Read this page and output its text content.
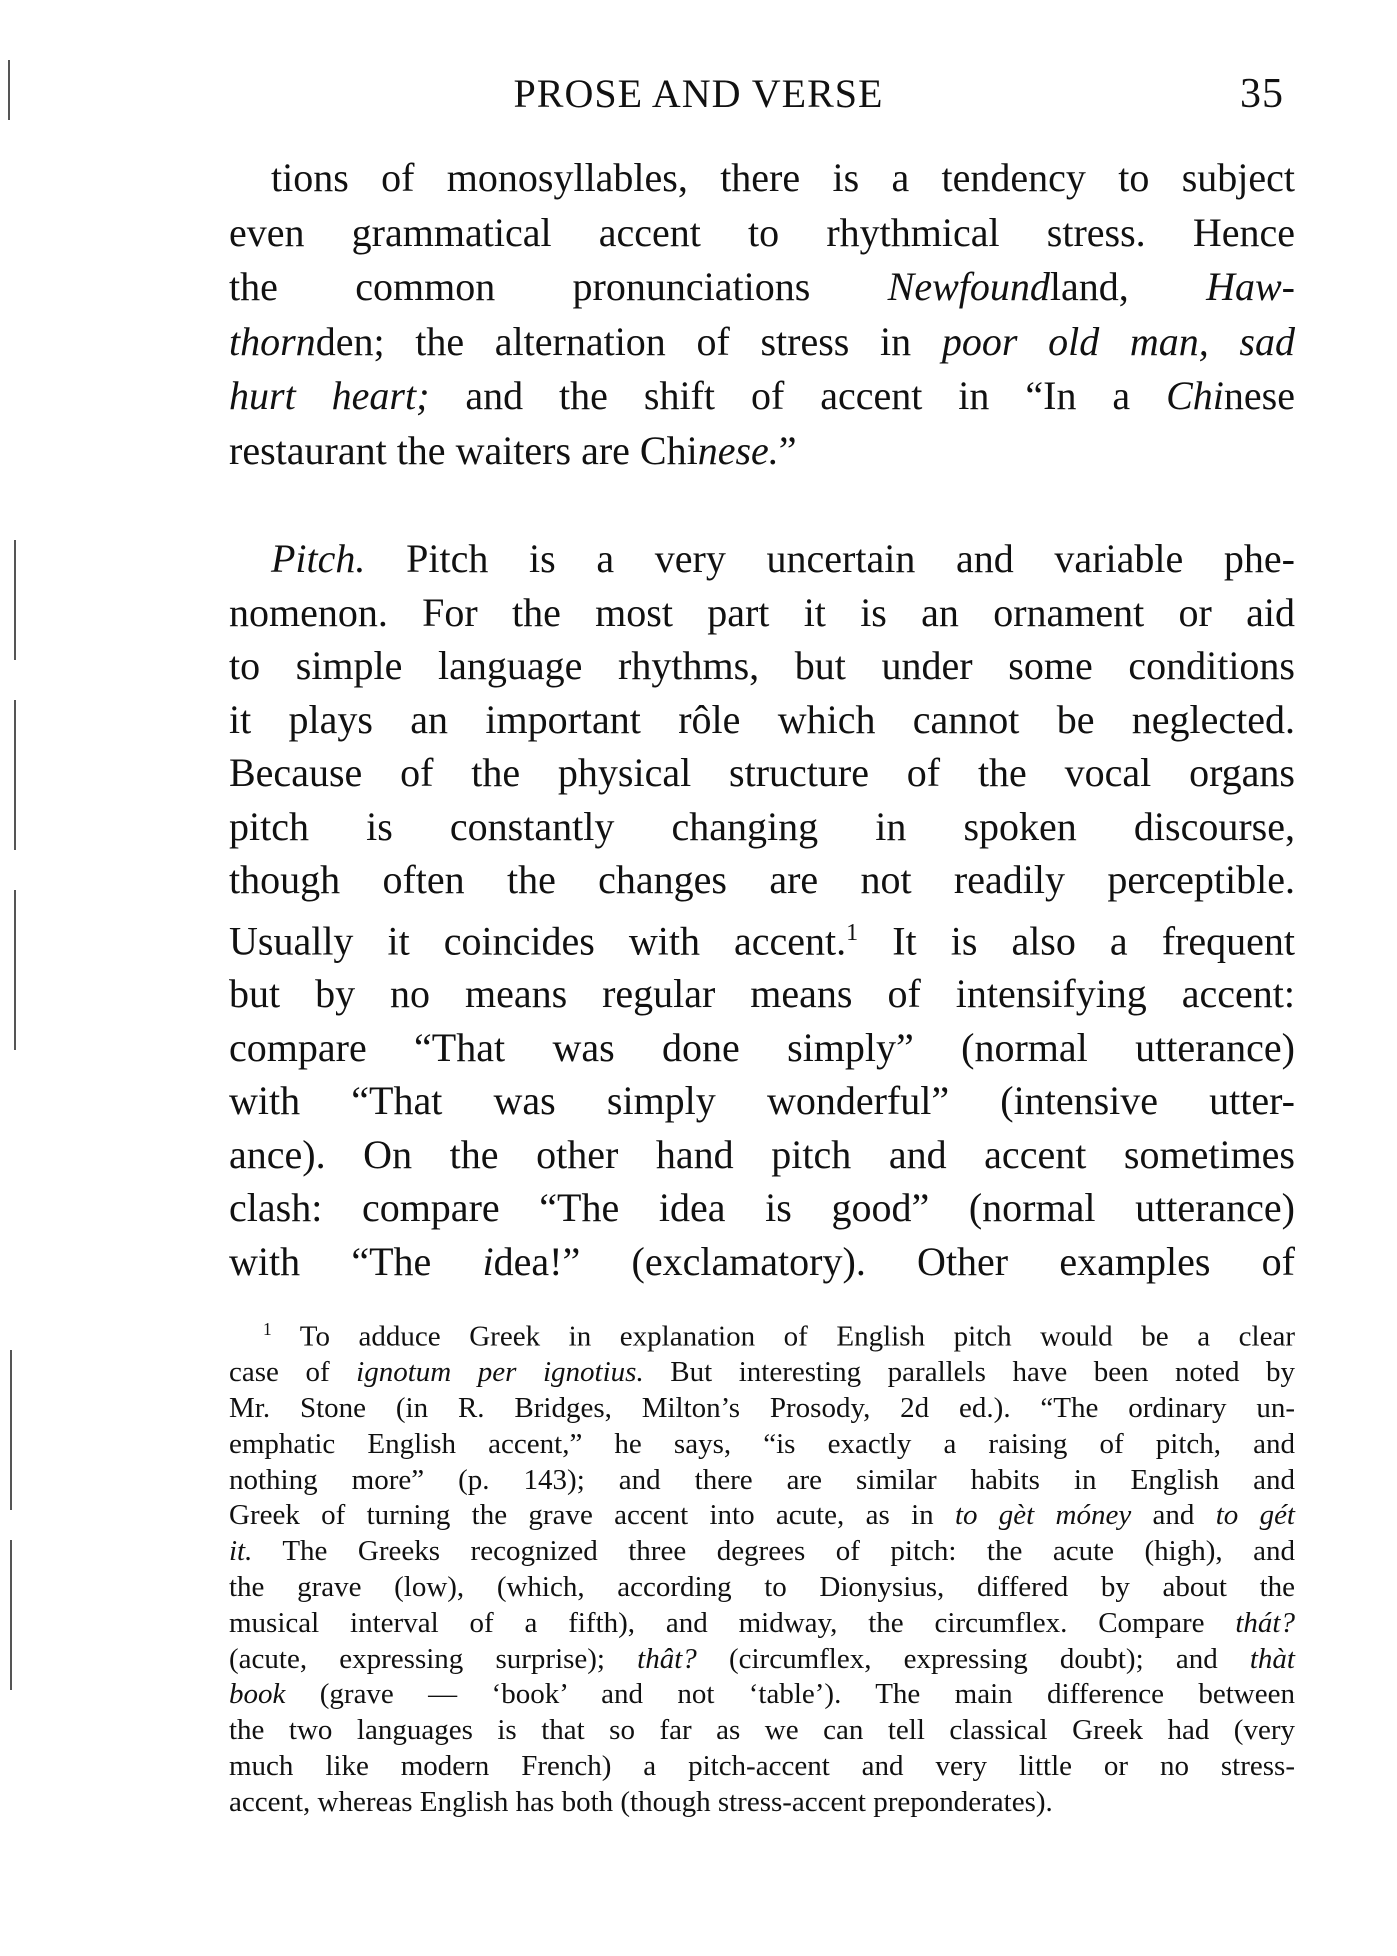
PROSE AND VERSE	35
tions of monosyllables, there is a tendency to subject
even grammatical accent to rhythmical stress. Hence
the common pronunciations Newfoundland, Haw-
thornden; the alternation of stress in poor old man, sad
hurt heart; and the shift of accent in “In a Chinese
restaurant the waiters are Chinese.”
Pitch. Pitch is a very uncertain and variable phe-
nomenon. For the most part it is an ornament or aid
to simple language rhythms, but under some conditions
it plays an important rôle which cannot be neglected.
Because of the physical structure of the vocal organs
pitch is constantly changing in spoken discourse,
though often the changes are not readily perceptible.
Usually it coincides with accent.$^1$ It is also a frequent
but by no means regular means of intensifying accent:
compare “That was done simply” (normal utterance)
with “That was simply wonderful” (intensive utter-
ance). On the other hand pitch and accent sometimes
clash: compare “The idea is good” (normal utterance)
with “The idea!” (exclamatory). Other examples of
$^1$ To adduce Greek in explanation of English pitch would be a clear
case of ignotum per ignotius. But interesting parallels have been noted by
Mr. Stone (in R. Bridges, Milton’s Prosody, 2d ed.). “The ordinary un-
emphatic English accent,” he says, “is exactly a raising of pitch, and
nothing more” (p. 143); and there are similar habits in English and
Greek of turning the grave accent into acute, as in to gèt móney and to gét
it. The Greeks recognized three degrees of pitch: the acute (high), and
the grave (low), (which, according to Dionysius, differed by about the
musical interval of a fifth), and midway, the circumflex. Compare thát?
(acute, expressing surprise); thât? (circumflex, expressing doubt); and thàt
book (grave — ‘book’ and not ‘table’). The main difference between
the two languages is that so far as we can tell classical Greek had (very
much like modern French) a pitch-accent and very little or no stress-
accent, whereas English has both (though stress-accent preponderates).
